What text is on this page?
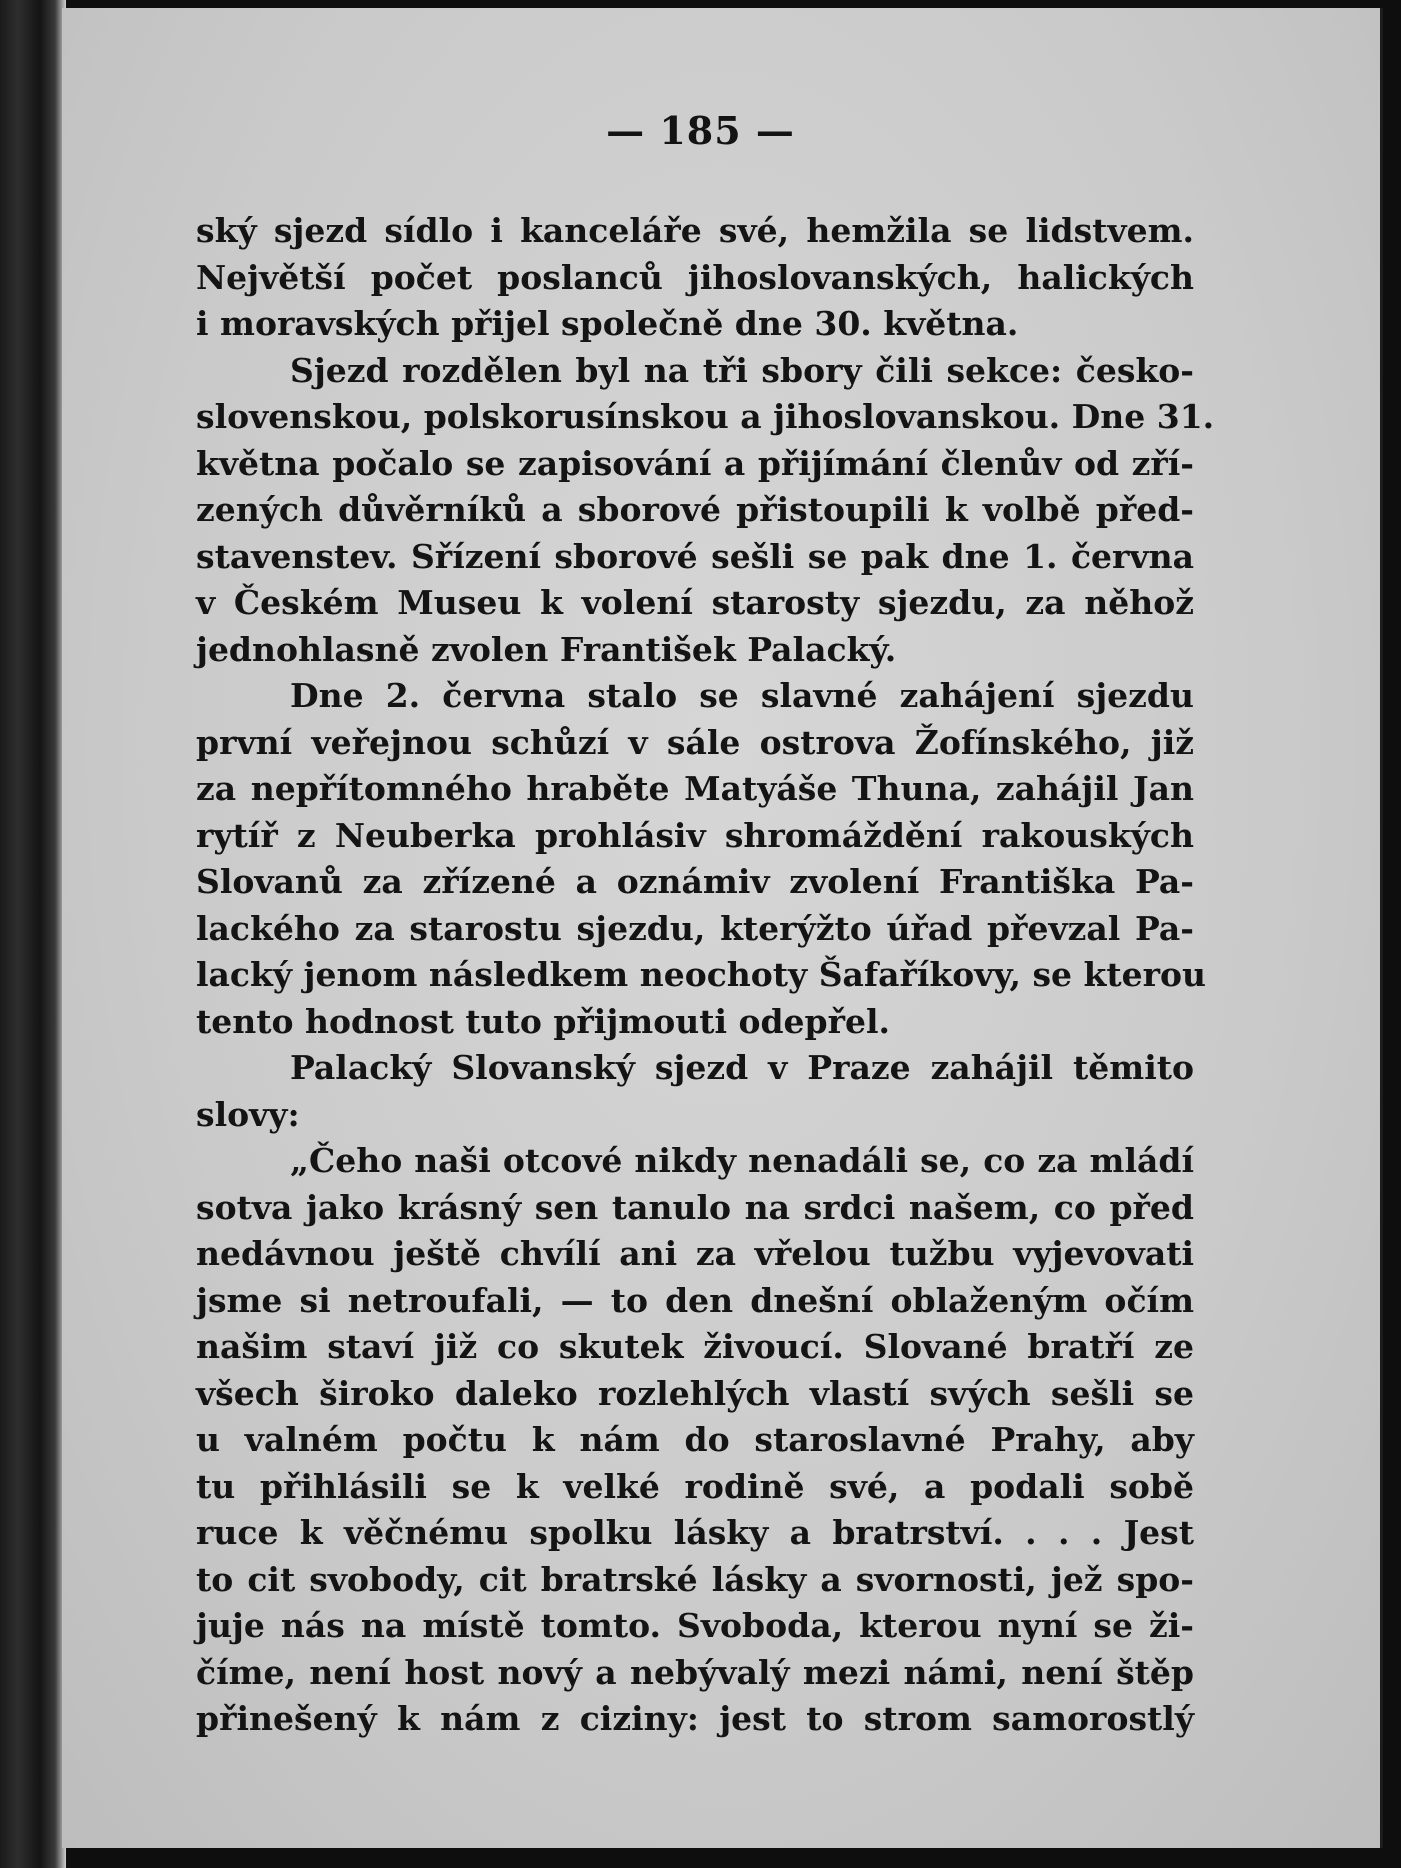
— 185 —
ský sjezd sídlo i kanceláře své, hemžila se lidstvem.
Největší počet poslanců jihoslovanských, halických
i moravských přijel společně dne 30. května.
Sjezd rozdělen byl na tři sbory čili sekce: česko-
slovenskou, polskorusínskou a jihoslovanskou. Dne 31.
května počalo se zapisování a přijímání členův od zří-
zených důvěrníků a sborové přistoupili k volbě před-
stavenstev. Sřízení sborové sešli se pak dne 1. června
v Českém Museu k volení starosty sjezdu, za něhož
jednohlasně zvolen František Palacký.
Dne 2. června stalo se slavné zahájení sjezdu
první veřejnou schůzí v sále ostrova Žofínského, již
za nepřítomného hraběte Matyáše Thuna, zahájil Jan
rytíř z Neuberka prohlásiv shromáždění rakouských
Slovanů za zřízené a oznámiv zvolení Františka Pa-
lackého za starostu sjezdu, kterýžto úřad převzal Pa-
lacký jenom následkem neochoty Šafaříkovy, se kterou
tento hodnost tuto přijmouti odepřel.
Palacký Slovanský sjezd v Praze zahájil těmito
slovy:
„Čeho naši otcové nikdy nenadáli se, co za mládí
sotva jako krásný sen tanulo na srdci našem, co před
nedávnou ještě chvílí ani za vřelou tužbu vyjevovati
jsme si netroufali, — to den dnešní oblaženým očím
našim staví již co skutek živoucí. Slované bratří ze
všech široko daleko rozlehlých vlastí svých sešli se
u valném počtu k nám do staroslavné Prahy, aby
tu přihlásili se k velké rodině své, a podali sobě
ruce k věčnému spolku lásky a bratrství. . . . Jest
to cit svobody, cit bratrské lásky a svornosti, jež spo-
juje nás na místě tomto. Svoboda, kterou nyní se ži-
číme, není host nový a nebývalý mezi námi, není štěp
přinešený k nám z ciziny: jest to strom samorostlý
